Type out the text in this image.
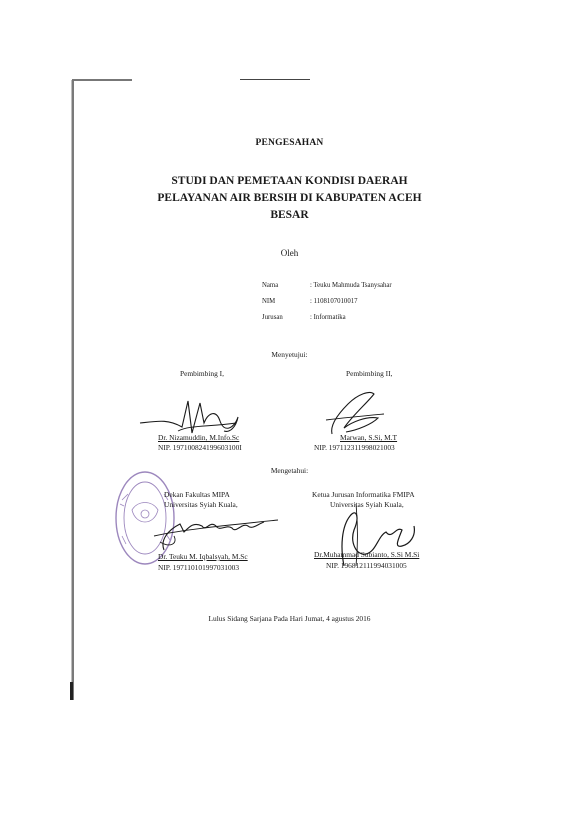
PENGESAHAN
STUDI DAN PEMETAAN KONDISI DAERAH
PELAYANAN AIR BERSIH DI KABUPATEN ACEH
BESAR
Oleh
Nama	: Teuku Mahmuda Tsanysahar
NIM	: 1108107010017
Jurusan	: Informatika
Menyetujui:
Pembimbing I,	Pembimbing II,
Dr. Nizamuddin, M.Info.Sc
NIP. 197100824199603100I
Marwan, S.Si, M.T
NIP. 197112311998021003
Mengetahui:
Dekan Fakultas MIPA
Universitas Syiah Kuala,
Ketua Jurusan Informatika FMIPA
Universitas Syiah Kuala,
Dr. Teuku M. Iqbalsyah, M.Sc
NIP. 197110101997031003
Dr.Muhammad Subianto, S.Si M.Si
NIP. 196812111994031005
Lulus Sidang Sarjana Pada Hari Jumat, 4 agustus 2016
